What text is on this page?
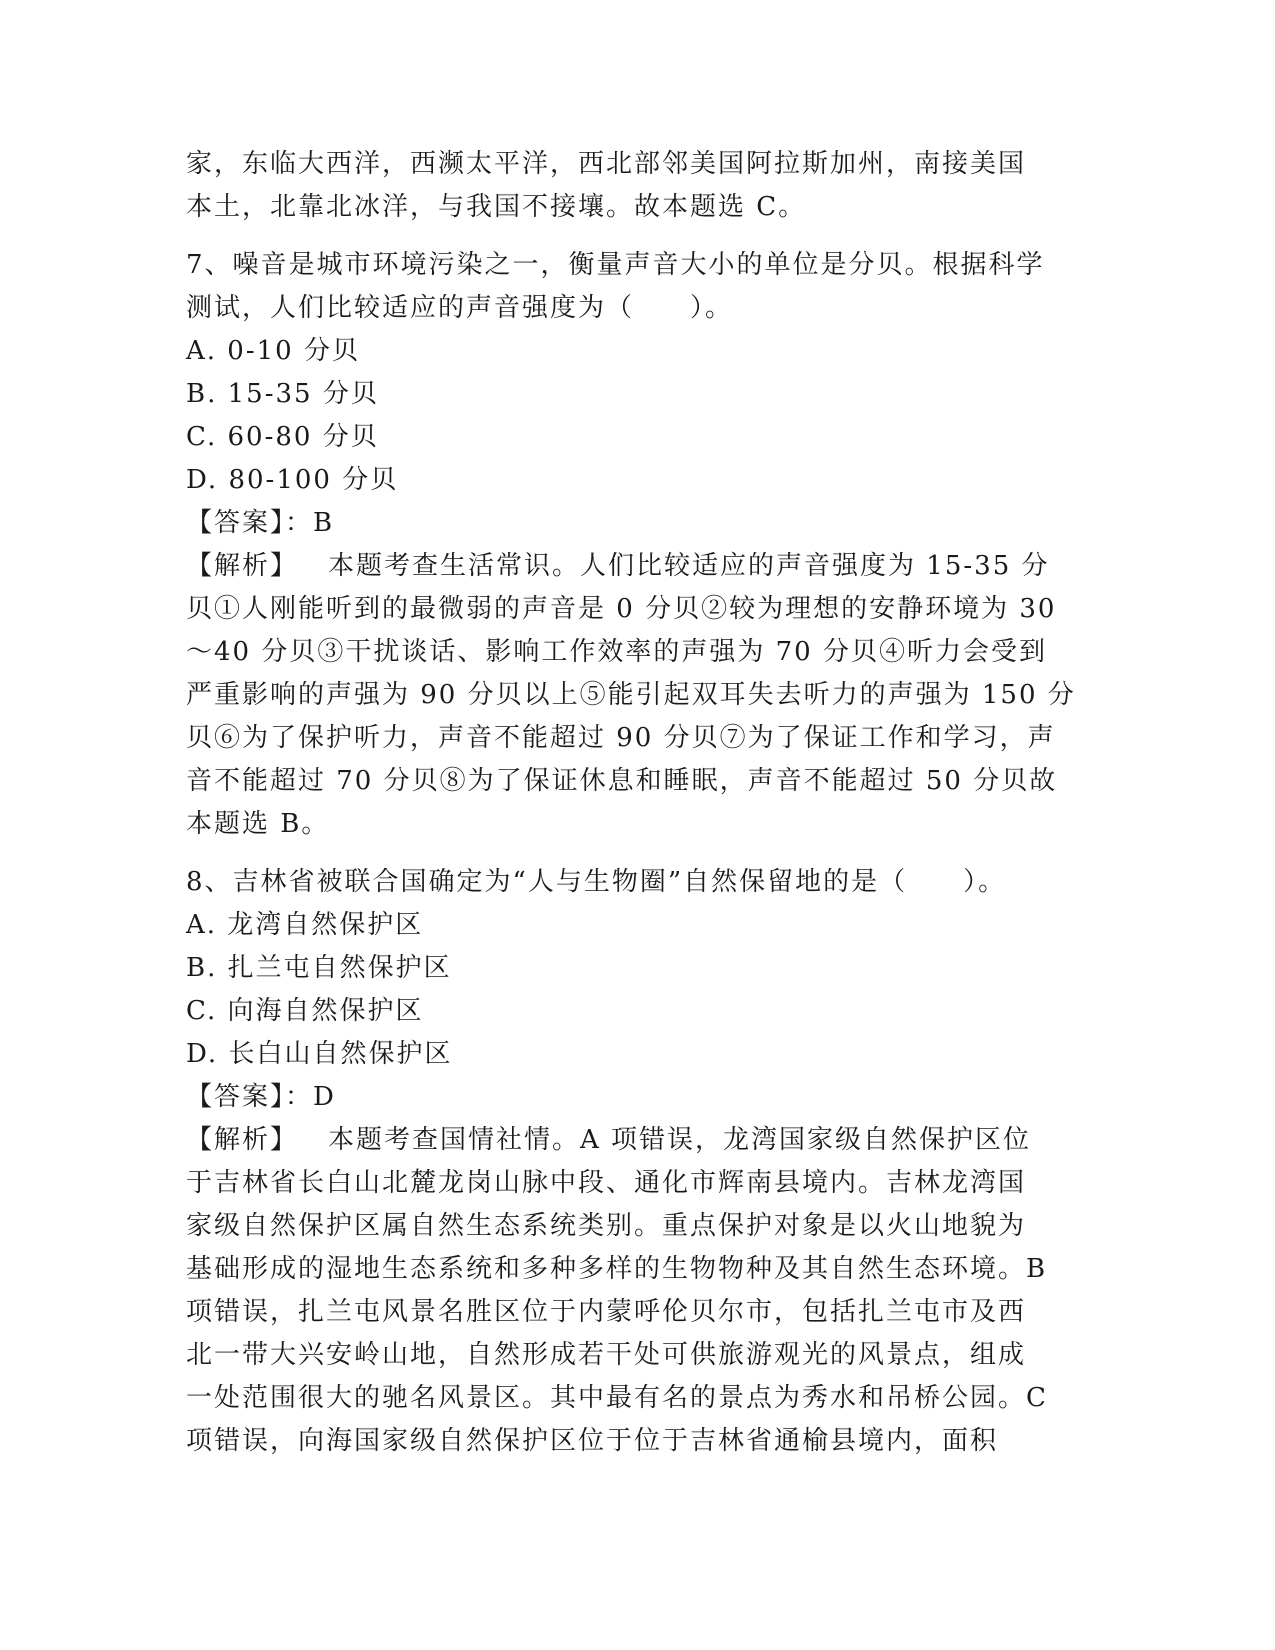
家，东临大西洋，西濒太平洋，西北部邻美国阿拉斯加州，南接美国
本土，北靠北冰洋，与我国不接壤。故本题选 C。
7、噪音是城市环境污染之一，衡量声音大小的单位是分贝。根据科学
测试，人们比较适应的声音强度为（　　）。
A. 0-10 分贝
B. 15-35 分贝
C. 60-80 分贝
D. 80-100 分贝
【答案】：B
【解析】 本题考查生活常识。人们比较适应的声音强度为 15-35 分
贝①人刚能听到的最微弱的声音是 0 分贝②较为理想的安静环境为 30
～40 分贝③干扰谈话、影响工作效率的声强为 70 分贝④听力会受到
严重影响的声强为 90 分贝以上⑤能引起双耳失去听力的声强为 150 分
贝⑥为了保护听力，声音不能超过 90 分贝⑦为了保证工作和学习，声
音不能超过 70 分贝⑧为了保证休息和睡眠，声音不能超过 50 分贝故
本题选 B。
8、吉林省被联合国确定为“人与生物圈”自然保留地的是（　　）。
A. 龙湾自然保护区
B. 扎兰屯自然保护区
C. 向海自然保护区
D. 长白山自然保护区
【答案】：D
【解析】 本题考查国情社情。A 项错误，龙湾国家级自然保护区位
于吉林省长白山北麓龙岗山脉中段、通化市辉南县境内。吉林龙湾国
家级自然保护区属自然生态系统类别。重点保护对象是以火山地貌为
基础形成的湿地生态系统和多种多样的生物物种及其自然生态环境。B
项错误，扎兰屯风景名胜区位于内蒙呼伦贝尔市，包括扎兰屯市及西
北一带大兴安岭山地，自然形成若干处可供旅游观光的风景点，组成
一处范围很大的驰名风景区。其中最有名的景点为秀水和吊桥公园。C
项错误，向海国家级自然保护区位于位于吉林省通榆县境内，面积
